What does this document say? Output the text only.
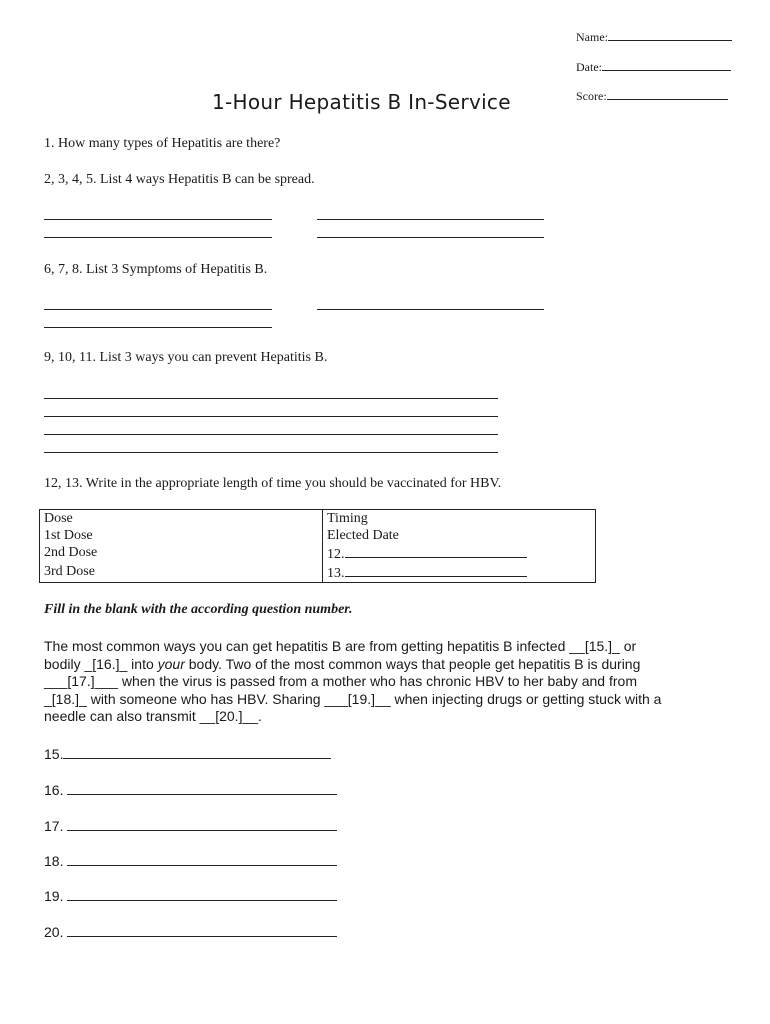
Name:
Date:
Score:
1-Hour Hepatitis B In-Service
1. How many types of Hepatitis are there?
2, 3, 4, 5. List 4 ways Hepatitis B can be spread.
6, 7, 8. List 3 Symptoms of Hepatitis B.
9, 10, 11. List 3 ways you can prevent Hepatitis B.
12, 13. Write in the appropriate length of time you should be vaccinated for HBV.
Dose	Timing
1st Dose	Elected Date
2nd Dose	12.
3rd Dose	13.
Fill in the blank with the according question number.
The most common ways you can get hepatitis B are from getting hepatitis B infected __[15.]_ or
bodily _[16.]_ into your body. Two of the most common ways that people get hepatitis B is during
___[17.]___ when the virus is passed from a mother who has chronic HBV to her baby and from
_[18.]_ with someone who has HBV. Sharing ___[19.]__ when injecting drugs or getting stuck with a
needle can also transmit __[20.]__.
15.
16.
17.
18.
19.
20.
